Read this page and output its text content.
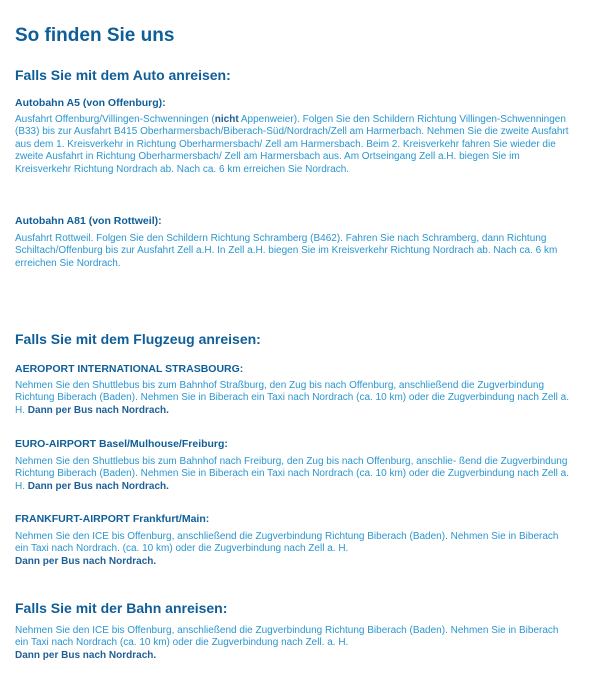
So finden Sie uns
Falls Sie mit dem Auto anreisen:
Autobahn A5 (von Offenburg):
Ausfahrt Offenburg/Villingen-Schwenningen (nicht Appenweier). Folgen Sie den Schildern Richtung Villingen-Schwenningen (B33) bis zur Ausfahrt B415 Oberharmersbach/Biberach-Süd/Nordrach/Zell am Harmerbach. Nehmen Sie die zweite Ausfahrt aus dem 1. Kreisverkehr in Richtung Oberharmersbach/ Zell am Harmersbach. Beim 2. Kreisverkehr fahren Sie wieder die zweite Ausfahrt in Richtung Oberharmersbach/ Zell am Harmersbach aus. Am Ortseingang Zell a.H. biegen Sie im Kreisverkehr Richtung Nordrach ab. Nach ca. 6 km erreichen Sie Nordrach.
Autobahn A81 (von Rottweil):
Ausfahrt Rottweil. Folgen Sie den Schildern Richtung Schramberg (B462). Fahren Sie nach Schramberg, dann Richtung Schiltach/Offenburg bis zur Ausfahrt Zell a.H. In Zell a.H. biegen Sie im Kreisverkehr Richtung Nordrach ab. Nach ca. 6 km erreichen Sie Nordrach.
Falls Sie mit dem Flugzeug anreisen:
AEROPORT INTERNATIONAL STRASBOURG:
Nehmen Sie den Shuttlebus bis zum Bahnhof Straßburg, den Zug bis nach Offenburg, anschließend die Zugverbindung Richtung Biberach (Baden). Nehmen Sie in Biberach ein Taxi nach Nordrach (ca. 10 km) oder die Zugverbindung nach Zell a. H. Dann per Bus nach Nordrach.
EURO-AIRPORT Basel/Mulhouse/Freiburg:
Nehmen Sie den Shuttlebus bis zum Bahnhof nach Freiburg, den Zug bis nach Offenburg, anschlie- ßend die Zugverbindung Richtung Biberach (Baden). Nehmen Sie in Biberach ein Taxi nach Nordrach (ca. 10 km) oder die Zugverbindung nach Zell a. H. Dann per Bus nach Nordrach.
FRANKFURT-AIRPORT Frankfurt/Main:
Nehmen Sie den ICE bis Offenburg, anschließend die Zugverbindung Richtung Biberach (Baden). Nehmen Sie in Biberach ein Taxi nach Nordrach. (ca. 10 km) oder die Zugverbindung nach Zell a. H.
Dann per Bus nach Nordrach.
Falls Sie mit der Bahn anreisen:
Nehmen Sie den ICE bis Offenburg, anschließend die Zugverbindung Richtung Biberach (Baden). Nehmen Sie in Biberach ein Taxi nach Nordrach (ca. 10 km) oder die Zugverbindung nach Zell. a. H.
Dann per Bus nach Nordrach.
